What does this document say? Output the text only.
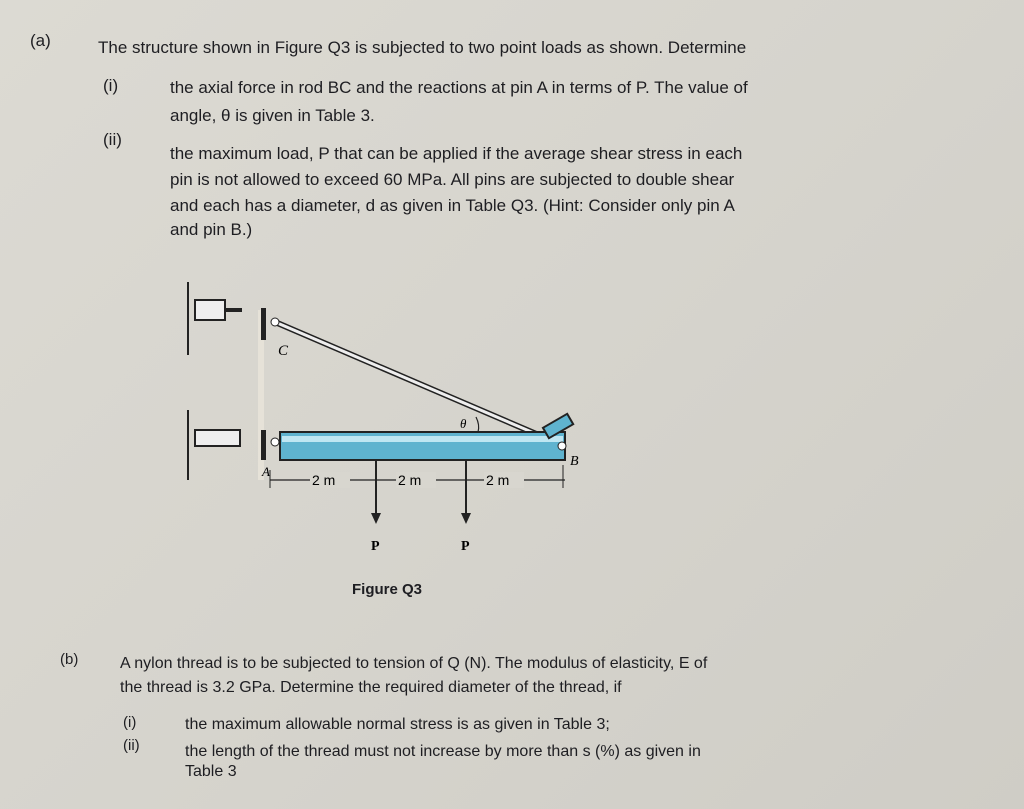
(a)	The structure shown in Figure Q3 is subjected to two point loads as shown. Determine
(i)	the axial force in rod BC and the reactions at pin A in terms of P. The value of
angle, θ is given in Table 3.
(ii)
the maximum load, P that can be applied if the average shear stress in each
pin is not allowed to exceed 60 MPa. All pins are subjected to double shear
and each has a diameter, d as given in Table Q3. (Hint: Consider only pin A
and pin B.)
2 m	2 m	2 m
P	P
C
A
B
θ
Figure Q3
(b)	A nylon thread is to be subjected to tension of Q (N). The modulus of elasticity, E of
the thread is 3.2 GPa. Determine the required diameter of the thread, if
(i)	the maximum allowable normal stress is as given in Table 3;
(ii)	the length of the thread must not increase by more than s (%) as given in
Table 3
